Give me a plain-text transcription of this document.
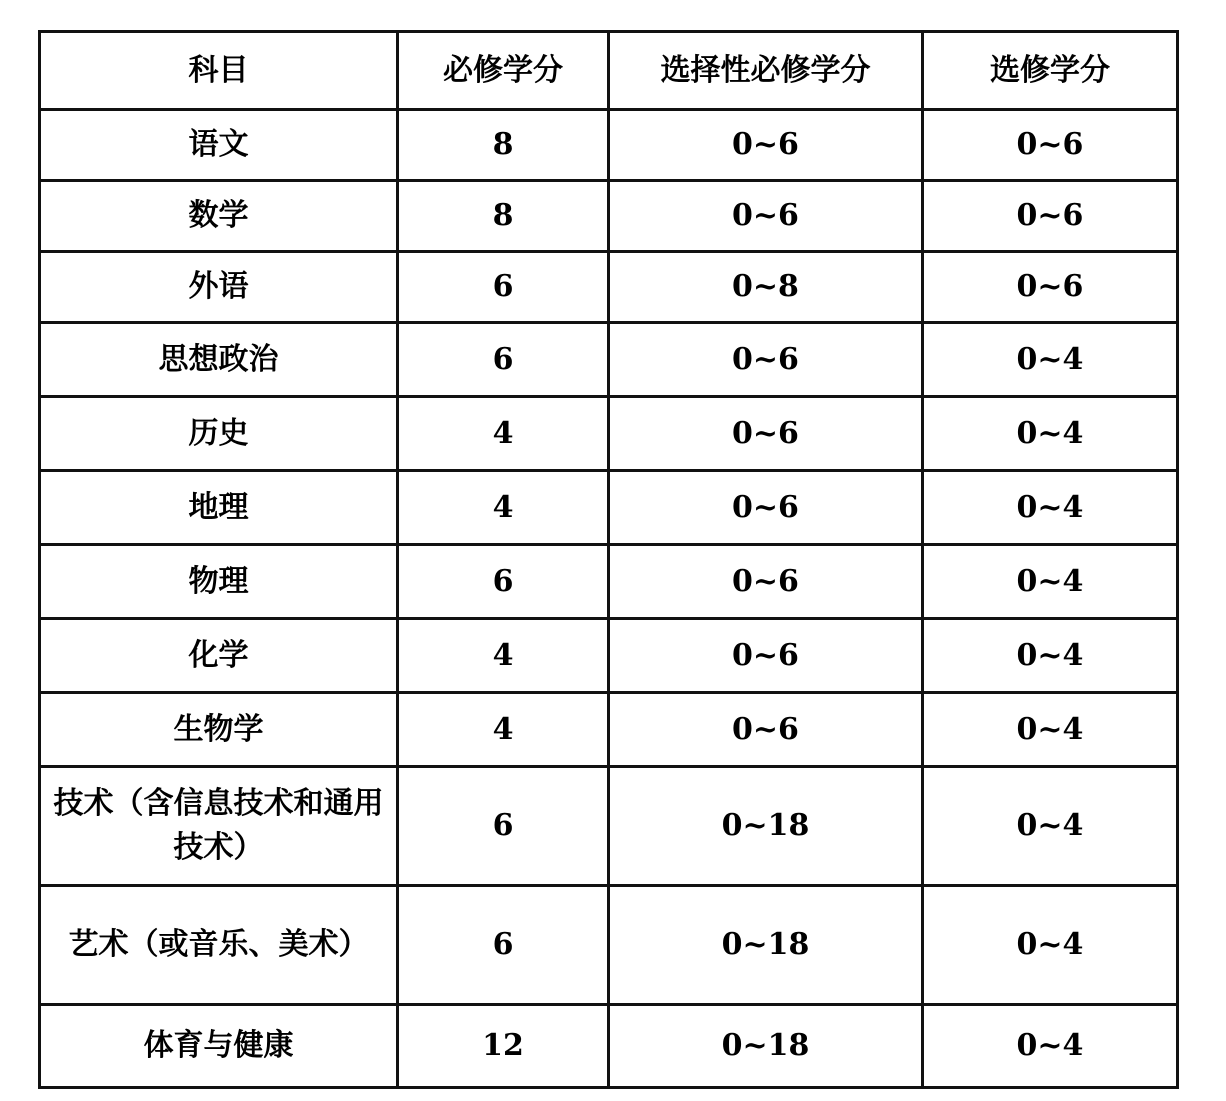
科目	必修学分	选择性必修学分	选修学分
语文	8	0~6	0~6
数学	8	0~6	0~6
外语	6	0~8	0~6
思想政治	6	0~6	0~4
历史	4	0~6	0~4
地理	4	0~6	0~4
物理	6	0~6	0~4
化学	4	0~6	0~4
生物学	4	0~6	0~4
技术（含信息技术和通用技术）	6	0~18	0~4
艺术（或音乐、美术）	6	0~18	0~4
体育与健康	12	0~18	0~4
